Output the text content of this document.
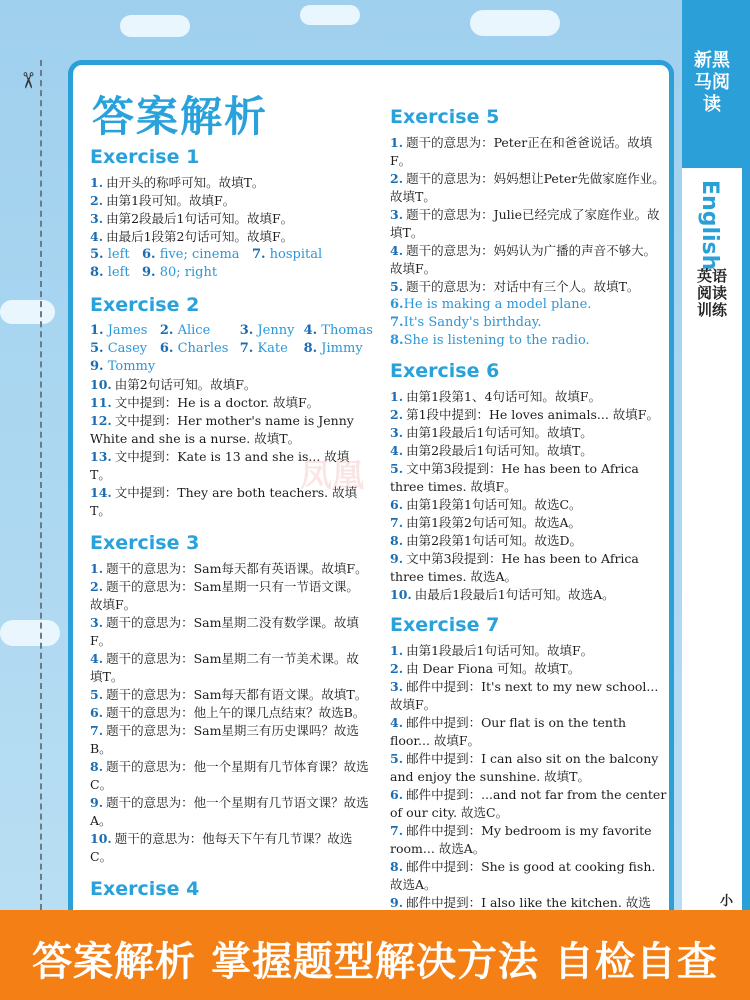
✂
新黑马阅读
English
英语阅读训练
小
答案解析
凤凰
Exercise 1
1. 由开头的称呼可知。故填T。
2. 由第1段可知。故填F。
3. 由第2段最后1句话可知。故填F。
4. 由最后1段第2句话可知。故填F。
5. left 6. five; cinema 7. hospital
8. left 9. 80; right
Exercise 2
1. James 2. Alice 3. Jenny 4. Thomas
5. Casey 6. Charles 7. Kate 8. Jimmy
9. Tommy
10. 由第2句话可知。故填F。
11. 文中提到：He is a doctor. 故填F。
12. 文中提到：Her mother's name is Jenny White and she is a nurse. 故填T。
13. 文中提到：Kate is 13 and she is... 故填T。
14. 文中提到：They are both teachers. 故填T。
Exercise 3
1. 题干的意思为：Sam每天都有英语课。故填F。
2. 题干的意思为：Sam星期一只有一节语文课。故填F。
3. 题干的意思为：Sam星期二没有数学课。故填F。
4. 题干的意思为：Sam星期二有一节美术课。故填T。
5. 题干的意思为：Sam每天都有语文课。故填T。
6. 题干的意思为：他上午的课几点结束？故选B。
7. 题干的意思为：Sam星期三有历史课吗？故选B。
8. 题干的意思为：他一个星期有几节体育课？故选C。
9. 题干的意思为：他一个星期有几节语文课？故选A。
10. 题干的意思为：他每天下午有几节课？故选C。
Exercise 4
Exercise 5
1. 题干的意思为：Peter正在和爸爸说话。故填F。
2. 题干的意思为：妈妈想让Peter先做家庭作业。故填T。
3. 题干的意思为：Julie已经完成了家庭作业。故填T。
4. 题干的意思为：妈妈认为广播的声音不够大。故填F。
5. 题干的意思为：对话中有三个人。故填T。
6.He is making a model plane.
7.It's Sandy's birthday.
8.She is listening to the radio.
Exercise 6
1. 由第1段第1、4句话可知。故填F。
2. 第1段中提到：He loves animals... 故填F。
3. 由第1段最后1句话可知。故填T。
4. 由第2段最后1句话可知。故填T。
5. 文中第3段提到：He has been to Africa three times. 故填F。
6. 由第1段第1句话可知。故选C。
7. 由第1段第2句话可知。故选A。
8. 由第2段第1句话可知。故选D。
9. 文中第3段提到：He has been to Africa three times. 故选A。
10. 由最后1段最后1句话可知。故选A。
Exercise 7
1. 由第1段最后1句话可知。故填F。
2. 由 Dear Fiona 可知。故填T。
3. 邮件中提到：It's next to my new school... 故填F。
4. 邮件中提到：Our flat is on the tenth floor... 故填F。
5. 邮件中提到：I can also sit on the balcony and enjoy the sunshine. 故填T。
6. 邮件中提到：...and not far from the center of our city. 故选C。
7. 邮件中提到：My bedroom is my favorite room... 故选A。
8. 邮件中提到：She is good at cooking fish. 故选A。
9. 邮件中提到：I also like the kitchen. 故选
答案解析 掌握题型解决方法 自检自查
